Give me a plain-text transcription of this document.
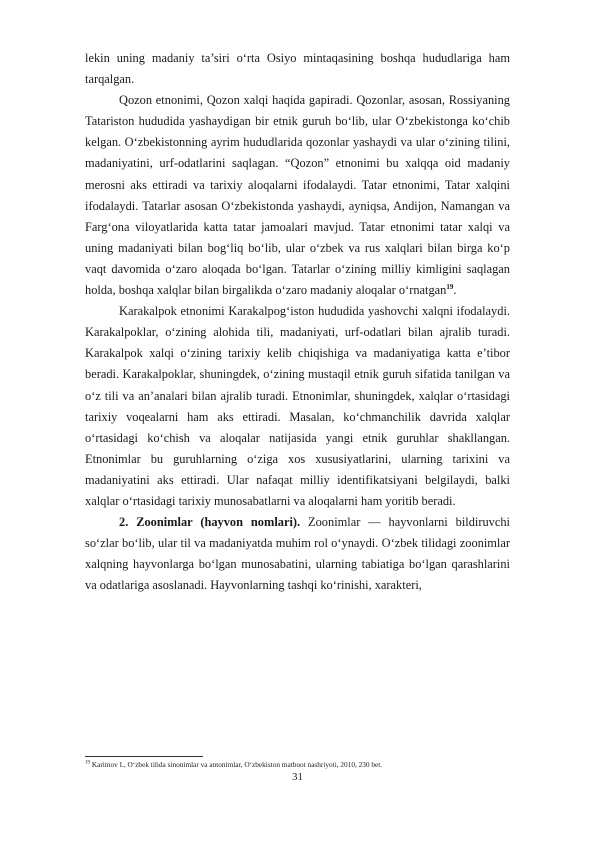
lekin uning madaniy ta’siri o‘rta Osiyo mintaqasining boshqa hududlariga ham tarqalgan.

Qozon etnonimi, Qozon xalqi haqida gapiradi. Qozonlar, asosan, Rossiyaning Tatariston hududida yashaydigan bir etnik guruh bo‘lib, ular O‘zbekistonga ko‘chib kelgan. O‘zbekistonning ayrim hududlarida qozonlar yashaydi va ular o‘zining tilini, madaniyatini, urf-odatlarini saqlagan. “Qozon” etnonimi bu xalqqa oid madaniy merosni aks ettiradi va tarixiy aloqalarni ifodalaydi. Tatar etnonimi, Tatar xalqini ifodalaydi. Tatarlar asosan O‘zbekistonda yashaydi, ayniqsa, Andijon, Namangan va Farg‘ona viloyatlarida katta tatar jamoalari mavjud. Tatar etnonimi tatar xalqi va uning madaniyati bilan bog‘liq bo‘lib, ular o‘zbek va rus xalqlari bilan birga ko‘p vaqt davomida o‘zaro aloqada bo‘lgan. Tatarlar o‘zining milliy kimligini saqlagan holda, boshqa xalqlar bilan birgalikda o‘zaro madaniy aloqalar o‘rnatgan$^{19}$.

Karakalpok etnonimi Karakalpog‘iston hududida yashovchi xalqni ifodalaydi. Karakalpoklar, o‘zining alohida tili, madaniyati, urf-odatlari bilan ajralib turadi. Karakalpok xalqi o‘zining tarixiy kelib chiqishiga va madaniyatiga katta e’tibor beradi. Karakalpoklar, shuningdek, o‘zining mustaqil etnik guruh sifatida tanilgan va o‘z tili va an’analari bilan ajralib turadi. Etnonimlar, shuningdek, xalqlar o‘rtasidagi tarixiy voqealarni ham aks ettiradi. Masalan, ko‘chmanchilik davrida xalqlar o‘rtasidagi ko‘chish va aloqalar natijasida yangi etnik guruhlar shakllangan. Etnonimlar bu guruhlarning o‘ziga xos xususiyatlarini, ularning tarixini va madaniyatini aks ettiradi. Ular nafaqat milliy identifikatsiyani belgilaydi, balki xalqlar o‘rtasidagi tarixiy munosabatlarni va aloqalarni ham yoritib beradi.

2. Zoonimlar (hayvon nomlari). Zoonimlar — hayvonlarni bildiruvchi so‘zlar bo‘lib, ular til va madaniyatda muhim rol o‘ynaydi. O‘zbek tilidagi zoonimlar xalqning hayvonlarga bo‘lgan munosabatini, ularning tabiatiga bo‘lgan qarashlarini va odatlariga asoslanadi. Hayvonlarning tashqi ko‘rinishi, xarakteri,

$^{19}$ Karimov I., O‘zbek tilida sinonimlar va antonimlar, O‘zbekiston matbuot nashriyoti, 2010, 230 bet.
31
